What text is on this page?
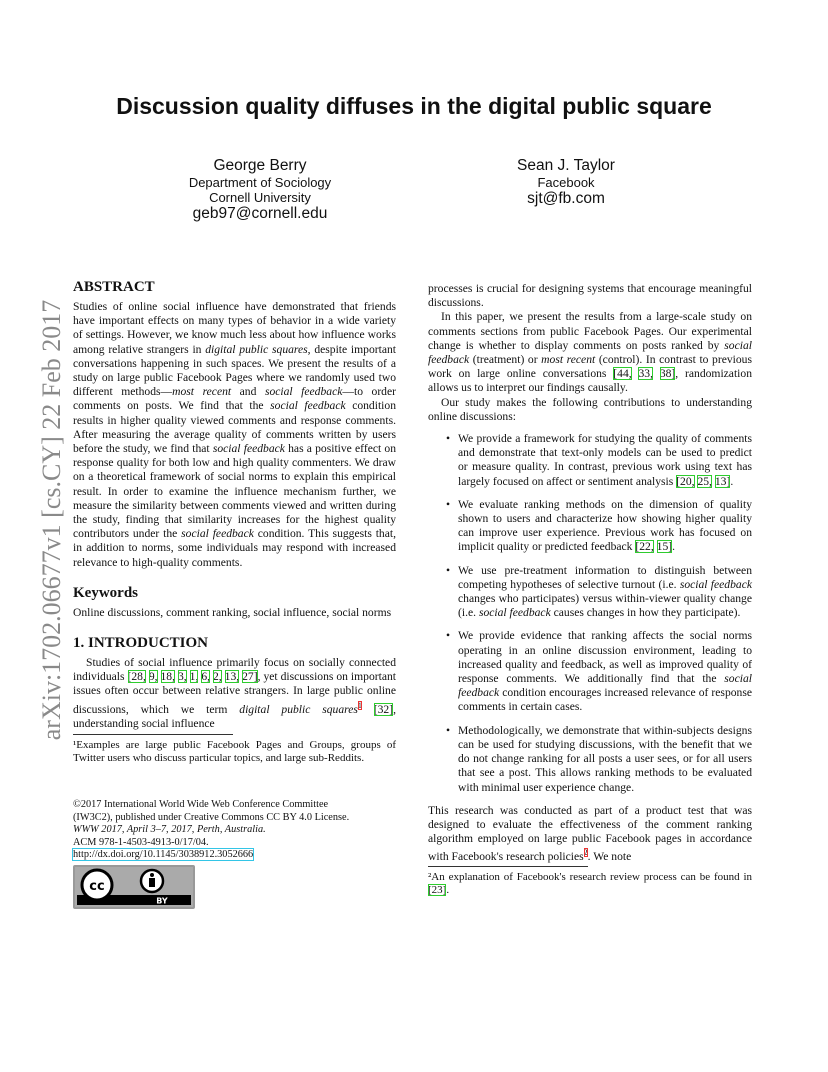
Discussion quality diffuses in the digital public square
George Berry
Department of Sociology
Cornell University
geb97@cornell.edu
Sean J. Taylor
Facebook
sjt@fb.com
arXiv:1702.06677v1 [cs.CY] 22 Feb 2017
ABSTRACT

Studies of online social influence have demonstrated that friends have important effects on many types of behavior in a wide variety of settings. However, we know much less about how influence works among relative strangers in digital public squares, despite important conversations happening in such spaces. We present the results of a study on large public Facebook Pages where we randomly used two different methods—most recent and social feedback—to order comments on posts. We find that the social feedback condition results in higher quality viewed comments and response comments. After measuring the average quality of comments written by users before the study, we find that social feedback has a positive effect on response quality for both low and high quality commenters. We draw on a theoretical framework of social norms to explain this empirical result. In order to examine the influence mechanism further, we measure the similarity between comments viewed and written during the study, finding that similarity increases for the highest quality contributors under the social feedback condition. This suggests that, in addition to norms, some individuals may respond with increased relevance to high-quality comments.

Keywords

Online discussions, comment ranking, social influence, social norms

1. INTRODUCTION

Studies of social influence primarily focus on socially connected individuals [28, 9, 18, 3, 1, 6, 2, 13, 27], yet discussions on important issues often occur between relative strangers. In large public online discussions, which we term digital public squares$^1$ [32], understanding social influence

¹Examples are large public Facebook Pages and Groups, groups of Twitter users who discuss particular topics, and large sub-Reddits.

©2017 International World Wide Web Conference Committee
(IW3C2), published under Creative Commons CC BY 4.0 License.
WWW 2017, April 3–7, 2017, Perth, Australia.
ACM 978-1-4503-4913-0/17/04.
http://dx.doi.org/10.1145/3038912.3052666
cc
BY

processes is crucial for designing systems that encourage meaningful discussions.

In this paper, we present the results from a large-scale study on comments sections from public Facebook Pages. Our experimental change is whether to display comments on posts ranked by social feedback (treatment) or most recent (control). In contrast to previous work on large online conversations [44, 33, 38], randomization allows us to interpret our findings causally.

Our study makes the following contributions to understanding online discussions:

• We provide a framework for studying the quality of comments and demonstrate that text-only models can be used to predict or measure quality. In contrast, previous work using text has largely focused on affect or sentiment analysis [20, 25, 13].
• We evaluate ranking methods on the dimension of quality shown to users and characterize how showing higher quality can improve user experience. Previous work has focused on implicit quality or predicted feedback [22, 15].
• We use pre-treatment information to distinguish between competing hypotheses of selective turnout (i.e. social feedback changes who participates) versus within-viewer quality change (i.e. social feedback causes changes in how they participate).
• We provide evidence that ranking affects the social norms operating in an online discussion environment, leading to increased quality and feedback, as well as improved quality of response comments. We additionally find that the social feedback condition encourages increased relevance of response comments in certain cases.
• Methodologically, we demonstrate that within-subjects designs can be used for studying discussions, with the benefit that we do not change ranking for all posts a user sees, or for all users that see a post. This allows ranking methods to be evaluated with minimal user experience change.

This research was conducted as part of a product test that was designed to evaluate the effectiveness of the comment ranking algorithm employed on large public Facebook pages in accordance with Facebook's research policies$^2$. We note

²An explanation of Facebook's research review process can be found in [23].
